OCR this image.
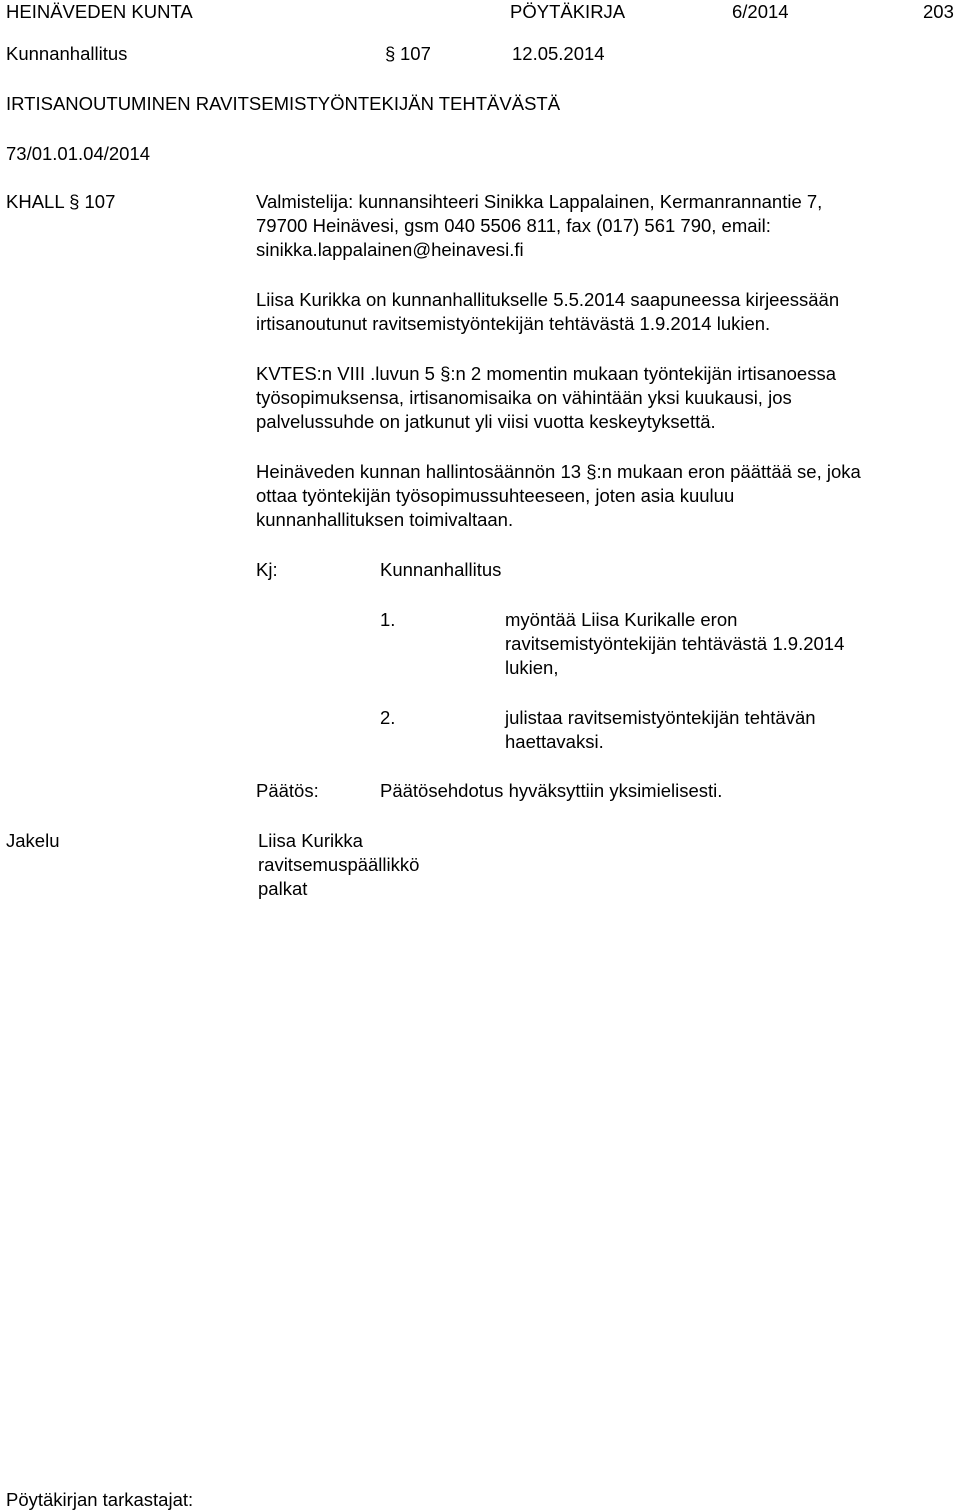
HEINÄVEDEN KUNTA	PÖYTÄKIRJA	6/2014	203
Kunnanhallitus	§ 107	12.05.2014
IRTISANOUTUMINEN RAVITSEMISTYÖNTEKIJÄN TEHTÄVÄSTÄ
73/01.01.04/2014
KHALL § 107	Valmistelija: kunnansihteeri Sinikka Lappalainen, Kermanrannantie 7,
79700 Heinävesi, gsm 040 5506 811, fax (017) 561 790, email:
sinikka.lappalainen@heinavesi.fi
Liisa Kurikka on kunnanhallitukselle 5.5.2014 saapuneessa kirjeessään
irtisanoutunut ravitsemistyöntekijän tehtävästä 1.9.2014 lukien.
KVTES:n VIII .luvun 5 §:n 2 momentin mukaan työntekijän irtisanoessa
työsopimuksensa, irtisanomisaika on vähintään yksi kuukausi, jos
palvelussuhde on jatkunut yli viisi vuotta keskeytyksettä.
Heinäveden kunnan hallintosäännön 13 §:n mukaan eron päättää se, joka
ottaa työntekijän työsopimussuhteeseen, joten asia kuuluu
kunnanhallituksen toimivaltaan.
Kj:	Kunnanhallitus
1.	myöntää Liisa Kurikalle eron
ravitsemistyöntekijän tehtävästä 1.9.2014
lukien,
2.	julistaa ravitsemistyöntekijän tehtävän
haettavaksi.
Päätös:	Päätösehdotus hyväksyttiin yksimielisesti.
Jakelu	Liisa Kurikka
ravitsemuspäällikkö
palkat
Pöytäkirjan tarkastajat:
